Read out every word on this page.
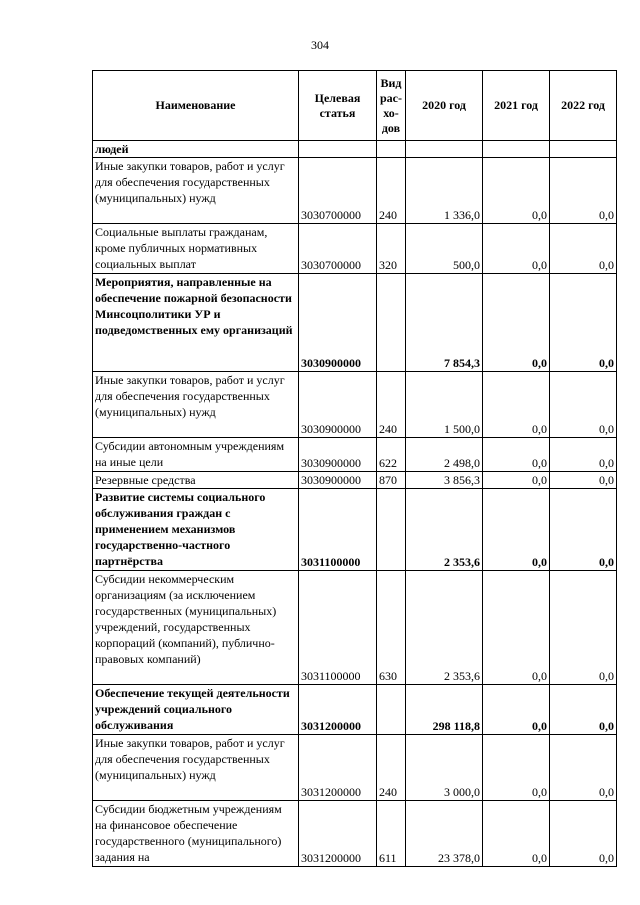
304
Наименование	Целевая статья	Вид рас-хо-дов	2020 год	2021 год	2022 год
людей					
Иные закупки товаров, работ и услуг для обеспечения государственных (муниципальных) нужд	3030700000	240	1 336,0	0,0	0,0
Социальные выплаты гражданам, кроме публичных нормативных социальных выплат	3030700000	320	500,0	0,0	0,0
Мероприятия, направленные на обеспечение пожарной безопасности Минсоцполитики УР и подведомственных ему организаций	3030900000		7 854,3	0,0	0,0
Иные закупки товаров, работ и услуг для обеспечения государственных (муниципальных) нужд	3030900000	240	1 500,0	0,0	0,0
Субсидии автономным учреждениям на иные цели	3030900000	622	2 498,0	0,0	0,0
Резервные средства	3030900000	870	3 856,3	0,0	0,0
Развитие системы социального обслуживания граждан с применением механизмов государственно-частного партнёрства	3031100000		2 353,6	0,0	0,0
Субсидии некоммерческим организациям (за исключением государственных (муниципальных) учреждений, государственных корпораций (компаний), публично-правовых компаний)	3031100000	630	2 353,6	0,0	0,0
Обеспечение текущей деятельности учреждений социального обслуживания	3031200000		298 118,8	0,0	0,0
Иные закупки товаров, работ и услуг для обеспечения государственных (муниципальных) нужд	3031200000	240	3 000,0	0,0	0,0
Субсидии бюджетным учреждениям на финансовое обеспечение государственного (муниципального) задания на	3031200000	611	23 378,0	0,0	0,0
